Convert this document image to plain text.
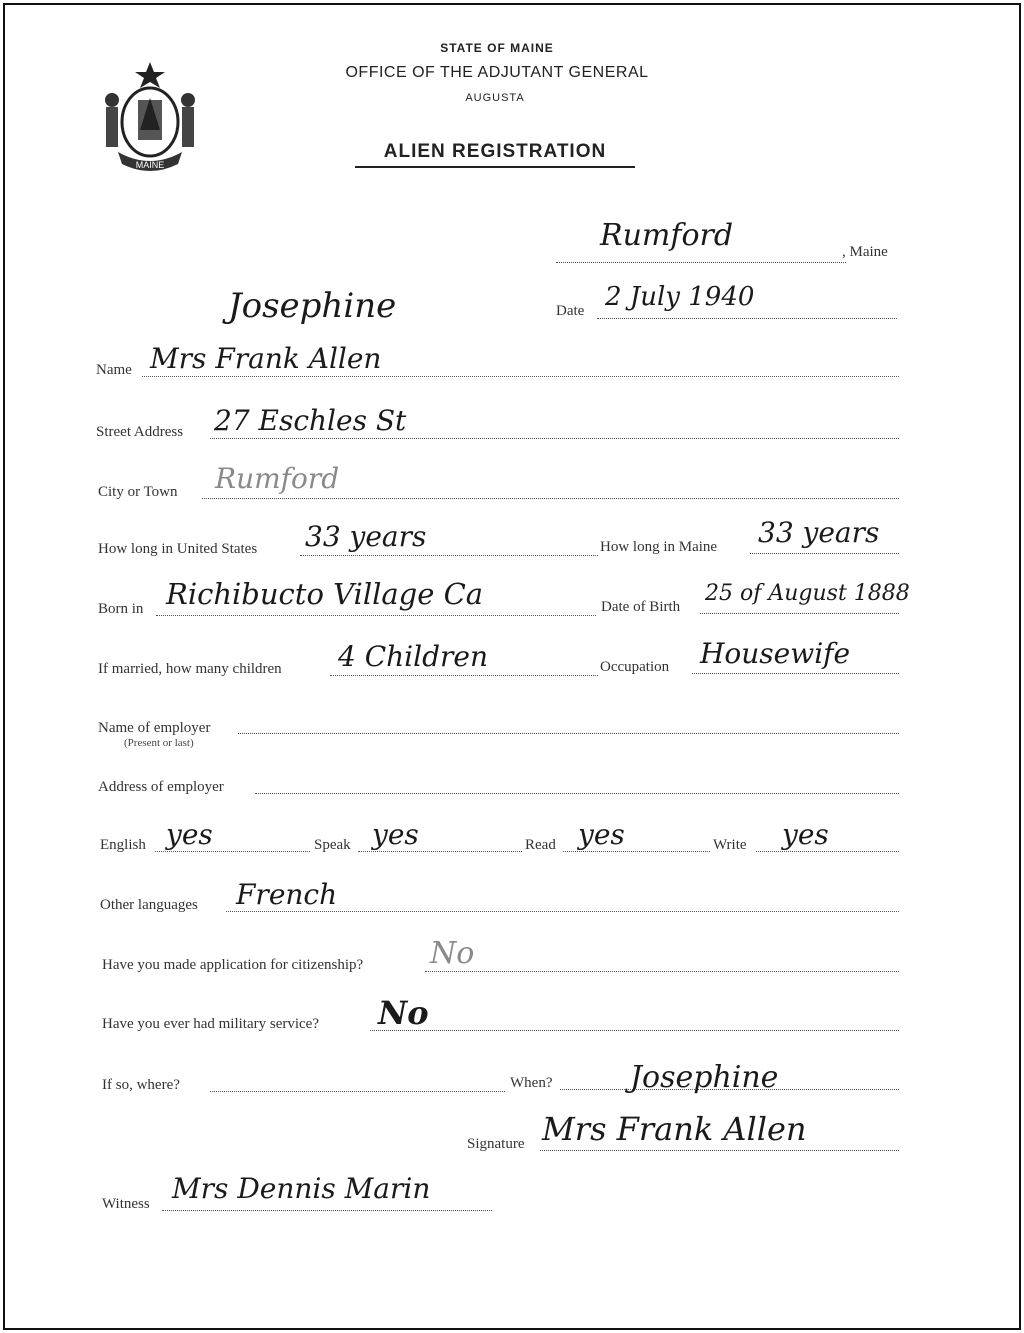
MAINE
STATE OF MAINE
OFFICE OF THE ADJUTANT GENERAL
AUGUSTA
ALIEN REGISTRATION
Rumford	, Maine
Date 2 July 1940
Josephine
Name Mrs Frank Allen
Street Address 27 Eschles St
City or Town Rumford
How long in United States 33 years	How long in Maine 33 years
Born in Richibucto Village Ca	Date of Birth
25 of August 1888
If married, how many children 4 Children	Occupation Housewife
Name of employer
(Present or last)
Address of employer
English yes	Speak yes	Read yes	Write yes
Other languages French
Have you made application for citizenship? No
Have you ever had military service? No
If so, where?	When?	Josephine
Signature Mrs Frank Allen
Witness Mrs Dennis Marin
